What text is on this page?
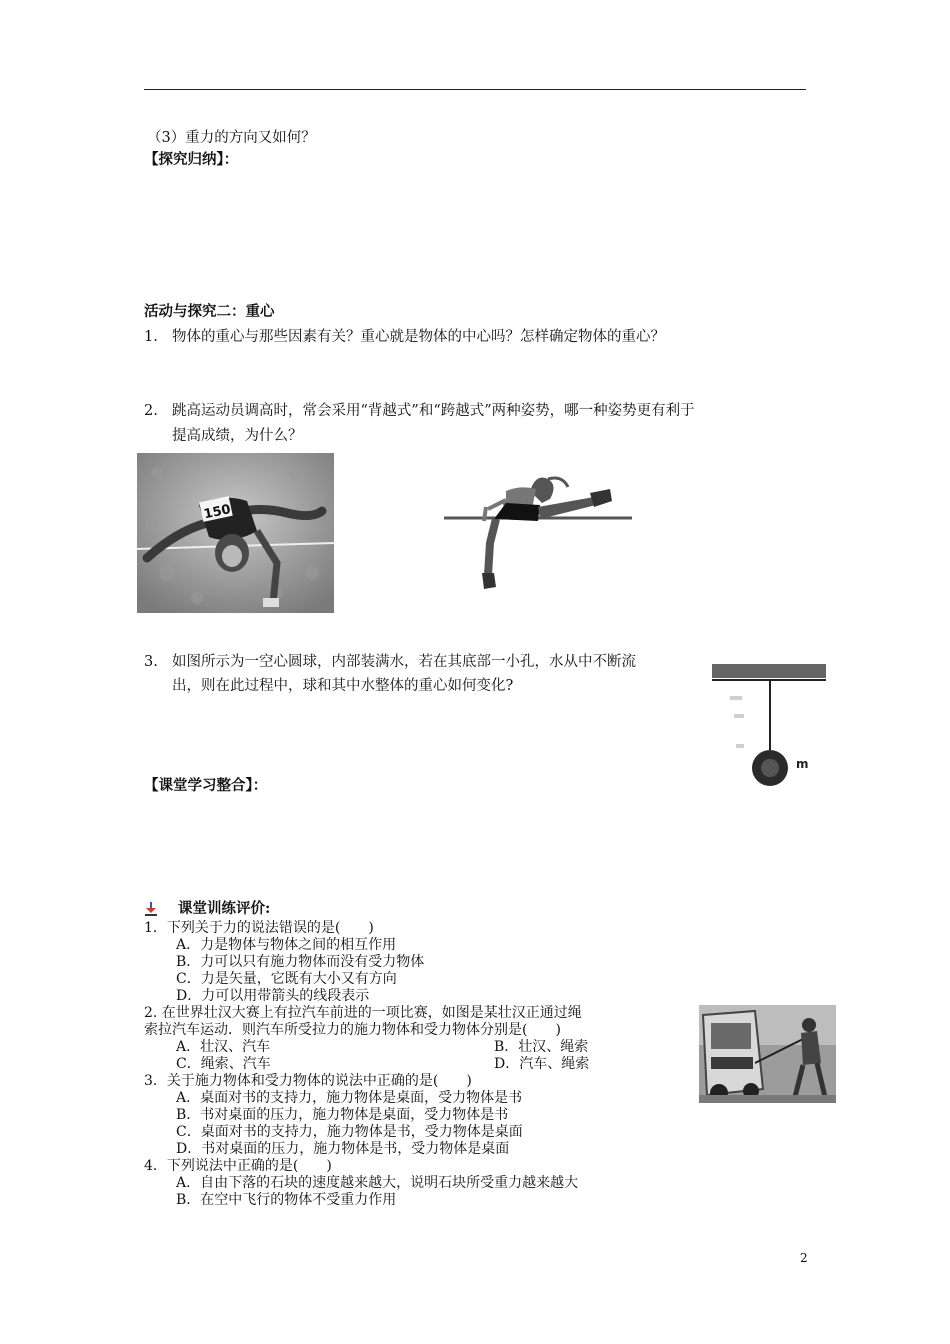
（3）重力的方向又如何？
【探究归纳】：
活动与探究二：重心
1. 物体的重心与那些因素有关？重心就是物体的中心吗？怎样确定物体的重心？
2. 跳高运动员调高时，常会采用“背越式”和“跨越式”两种姿势，哪一种姿势更有利于
提高成绩，为什么？
150
3. 如图所示为一空心圆球，内部装满水，若在其底部一小孔，水从中不断流
出，则在此过程中，球和其中水整体的重心如何变化?
m
【课堂学习整合】：
课堂训练评价:
1．下列关于力的说法错误的是(　　)
A．力是物体与物体之间的相互作用
B．力可以只有施力物体而没有受力物体
C．力是矢量，它既有大小又有方向
D．力可以用带箭头的线段表示
2. 在世界壮汉大赛上有拉汽车前进的一项比赛，如图是某壮汉正通过绳
索拉汽车运动．则汽车所受拉力的施力物体和受力物体分别是(　　)
A．壮汉、汽车	B．壮汉、绳索
C．绳索、汽车	D．汽车、绳索
3．关于施力物体和受力物体的说法中正确的是(　　)
A．桌面对书的支持力，施力物体是桌面，受力物体是书
B．书对桌面的压力，施力物体是桌面，受力物体是书
C．桌面对书的支持力，施力物体是书，受力物体是桌面
D．书对桌面的压力，施力物体是书，受力物体是桌面
4．下列说法中正确的是(　　)
A．自由下落的石块的速度越来越大，说明石块所受重力越来越大
B．在空中飞行的物体不受重力作用
2
